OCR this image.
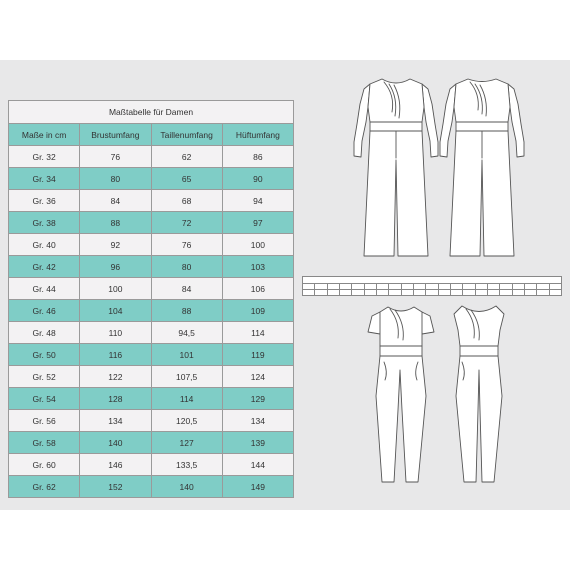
Maßtabelle für Damen			
Maße in cm	Brustumfang	Taillenumfang	Hüftumfang
Gr. 32	76	62	86
Gr. 34	80	65	90
Gr. 36	84	68	94
Gr. 38	88	72	97
Gr. 40	92	76	100
Gr. 42	96	80	103
Gr. 44	100	84	106
Gr. 46	104	88	109
Gr. 48	110	94,5	114
Gr. 50	116	101	119
Gr. 52	122	107,5	124
Gr. 54	128	114	129
Gr. 56	134	120,5	134
Gr. 58	140	127	139
Gr. 60	146	133,5	144
Gr. 62	152	140	149
